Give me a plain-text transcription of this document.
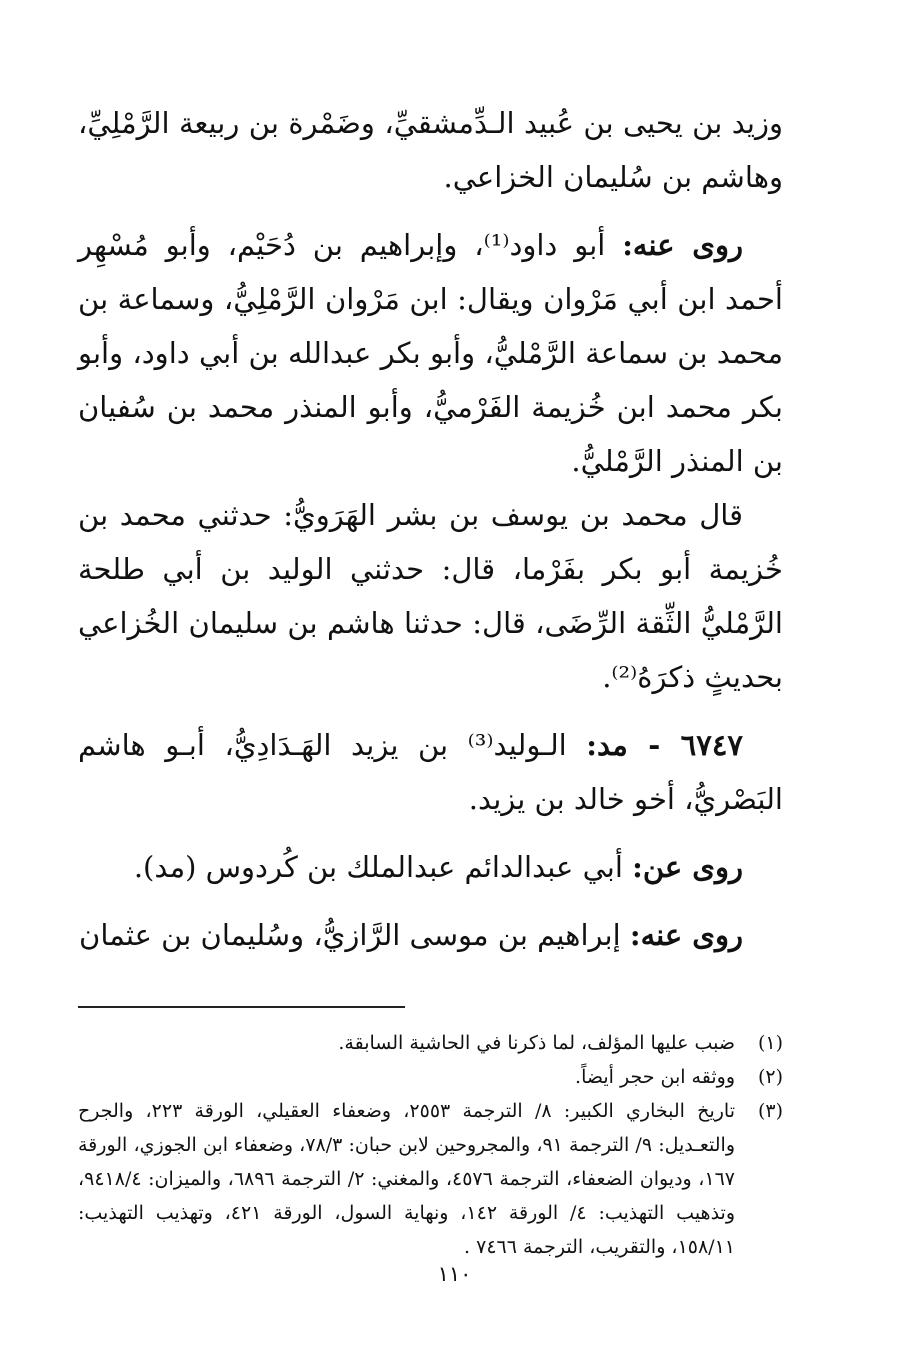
وزيد بن يحيى بن عُبيد الـدِّمشقيِّ، وضَمْرة بن ربيعة الرَّمْلِيِّ، وهاشم بن سُليمان الخزاعي.

روى عنه: أبو داود⁽¹⁾، وإبراهيم بن دُحَيْم، وأبو مُسْهِر أحمد ابن أبي مَرْوان ويقال: ابن مَرْوان الرَّمْلِيُّ، وسماعة بن محمد بن سماعة الرَّمْليُّ، وأبو بكر عبدالله بن أبي داود، وأبو بكر محمد ابن خُزيمة الفَرْميُّ، وأبو المنذر محمد بن سُفيان بن المنذر الرَّمْليُّ.

قال محمد بن يوسف بن بشر الهَرَويُّ: حدثني محمد بن خُزيمة أبو بكر بفَرْما، قال: حدثني الوليد بن أبي طلحة الرَّمْليُّ الثِّقة الرِّضَى، قال: حدثنا هاشم بن سليمان الخُزاعي بحديثٍ ذكرَهُ⁽²⁾.

٦٧٤٧ - مد: الـوليد⁽³⁾ بن يزيد الهَـدَادِيُّ، أبـو هاشم البَصْريُّ، أخو خالد بن يزيد.

روى عن: أبي عبدالدائم عبدالملك بن كُردوس (مد).

روى عنه: إبراهيم بن موسى الرَّازيُّ، وسُليمان بن عثمان

(١)
ضبب عليها المؤلف، لما ذكرنا في الحاشية السابقة.
(٢)
ووثقه ابن حجر أيضاً.
(٣)
تاريخ البخاري الكبير: ٨/ الترجمة ٢٥٥٣، وضعفاء العقيلي، الورقة ٢٢٣، والجرح والتعـديل: ٩/ الترجمة ٩١، والمجروحين لابن حبان: ٧٨/٣، وضعفاء ابن الجوزي، الورقة ١٦٧، وديوان الضعفاء، الترجمة ٤٥٧٦، والمغني: ٢/ الترجمة ٦٨٩٦، والميزان: ٩٤١٨/٤، وتذهيب التهذيب: ٤/ الورقة ١٤٢، ونهاية السول، الورقة ٤٢١، وتهذيب التهذيب: ١٥٨/١١، والتقريب، الترجمة ٧٤٦٦ .
١١٠
